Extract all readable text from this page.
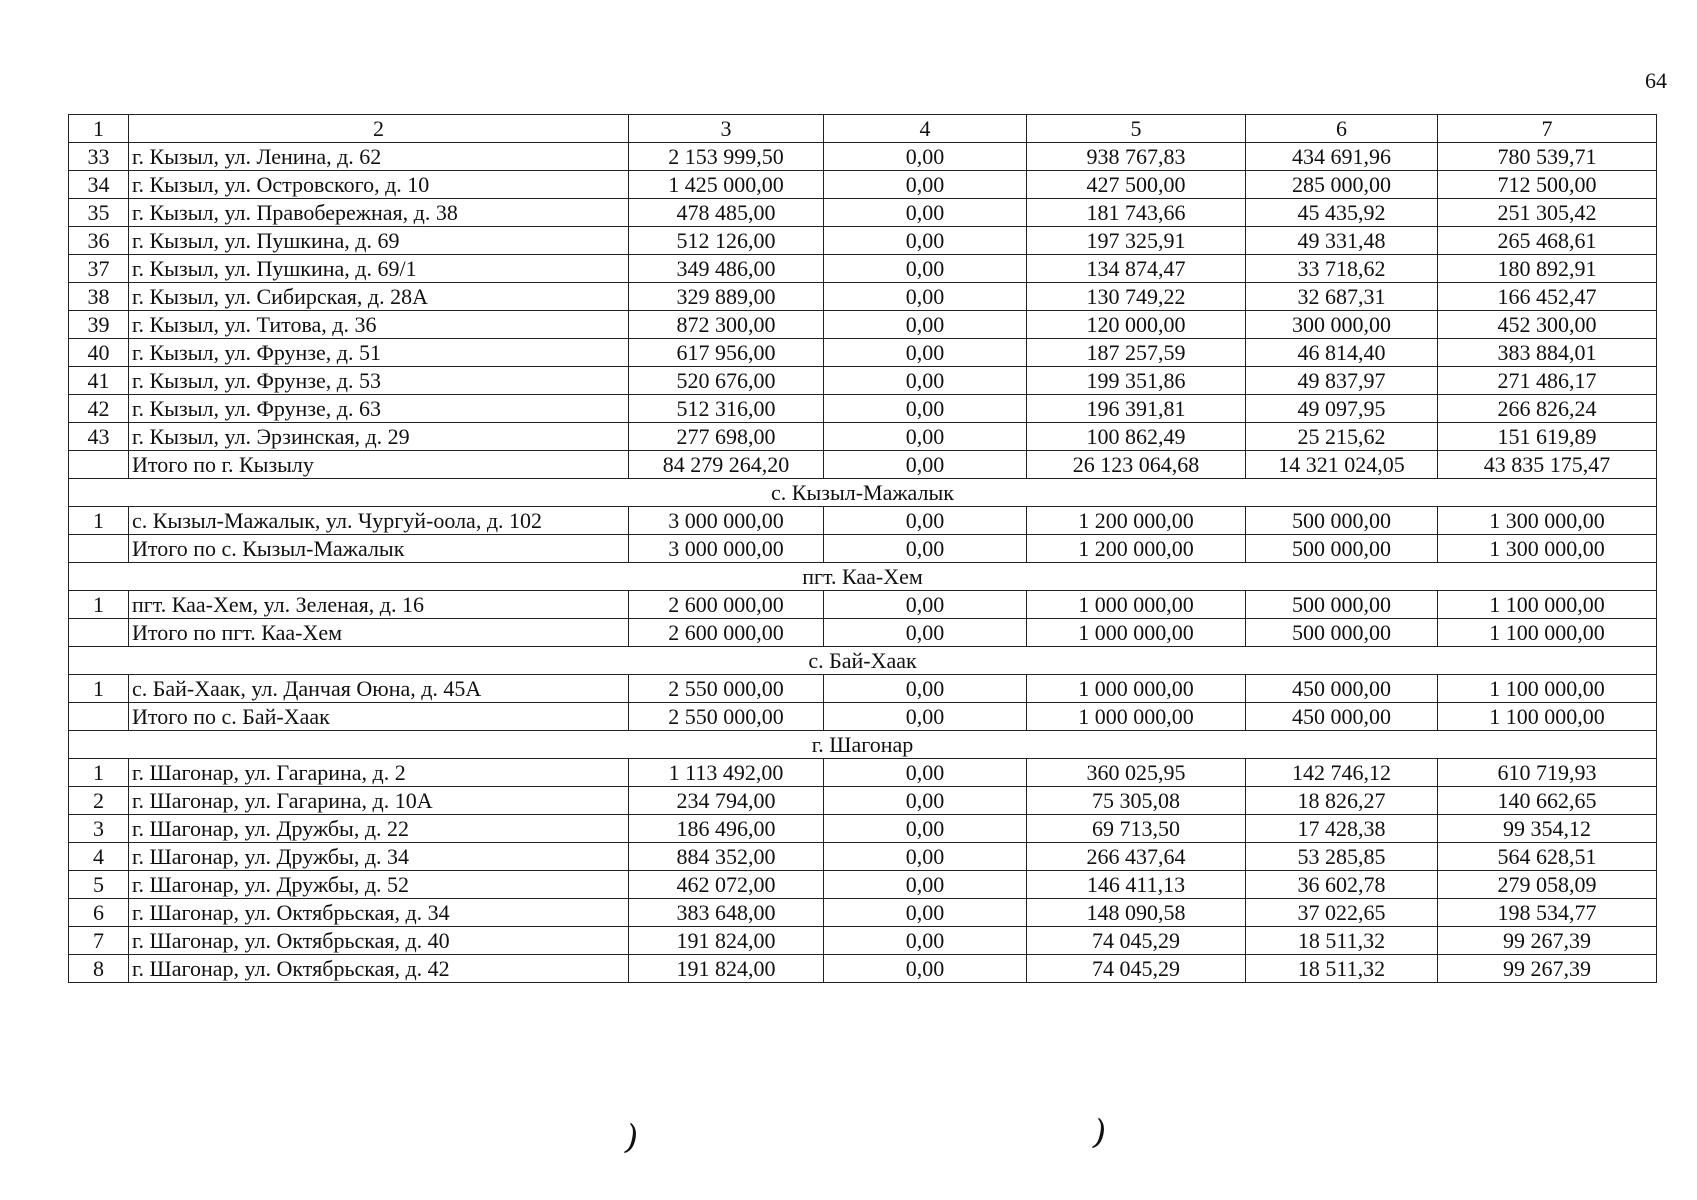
64
1	2	3	4	5	6	7
33	г. Кызыл, ул. Ленина, д. 62	2 153 999,50	0,00	938 767,83	434 691,96	780 539,71
34	г. Кызыл, ул. Островского, д. 10	1 425 000,00	0,00	427 500,00	285 000,00	712 500,00
35	г. Кызыл, ул. Правобережная, д. 38	478 485,00	0,00	181 743,66	45 435,92	251 305,42
36	г. Кызыл, ул. Пушкина, д. 69	512 126,00	0,00	197 325,91	49 331,48	265 468,61
37	г. Кызыл, ул. Пушкина, д. 69/1	349 486,00	0,00	134 874,47	33 718,62	180 892,91
38	г. Кызыл, ул. Сибирская, д. 28А	329 889,00	0,00	130 749,22	32 687,31	166 452,47
39	г. Кызыл, ул. Титова, д. 36	872 300,00	0,00	120 000,00	300 000,00	452 300,00
40	г. Кызыл, ул. Фрунзе, д. 51	617 956,00	0,00	187 257,59	46 814,40	383 884,01
41	г. Кызыл, ул. Фрунзе, д. 53	520 676,00	0,00	199 351,86	49 837,97	271 486,17
42	г. Кызыл, ул. Фрунзе, д. 63	512 316,00	0,00	196 391,81	49 097,95	266 826,24
43	г. Кызыл, ул. Эрзинская, д. 29	277 698,00	0,00	100 862,49	25 215,62	151 619,89
	Итого по г. Кызылу	84 279 264,20	0,00	26 123 064,68	14 321 024,05	43 835 175,47
с. Кызыл-Мажалык						
1	с. Кызыл-Мажалык, ул. Чургуй-оола, д. 102	3 000 000,00	0,00	1 200 000,00	500 000,00	1 300 000,00
	Итого по с. Кызыл-Мажалык	3 000 000,00	0,00	1 200 000,00	500 000,00	1 300 000,00
пгт. Каа-Хем						
1	пгт. Каа-Хем, ул. Зеленая, д. 16	2 600 000,00	0,00	1 000 000,00	500 000,00	1 100 000,00
	Итого по пгт. Каа-Хем	2 600 000,00	0,00	1 000 000,00	500 000,00	1 100 000,00
с. Бай-Хаак						
1	с. Бай-Хаак, ул. Данчая Оюна, д. 45А	2 550 000,00	0,00	1 000 000,00	450 000,00	1 100 000,00
	Итого по с. Бай-Хаак	2 550 000,00	0,00	1 000 000,00	450 000,00	1 100 000,00
г. Шагонар						
1	г. Шагонар, ул. Гагарина, д. 2	1 113 492,00	0,00	360 025,95	142 746,12	610 719,93
2	г. Шагонар, ул. Гагарина, д. 10А	234 794,00	0,00	75 305,08	18 826,27	140 662,65
3	г. Шагонар, ул. Дружбы, д. 22	186 496,00	0,00	69 713,50	17 428,38	99 354,12
4	г. Шагонар, ул. Дружбы, д. 34	884 352,00	0,00	266 437,64	53 285,85	564 628,51
5	г. Шагонар, ул. Дружбы, д. 52	462 072,00	0,00	146 411,13	36 602,78	279 058,09
6	г. Шагонар, ул. Октябрьская, д. 34	383 648,00	0,00	148 090,58	37 022,65	198 534,77
7	г. Шагонар, ул. Октябрьская, д. 40	191 824,00	0,00	74 045,29	18 511,32	99 267,39
8	г. Шагонар, ул. Октябрьская, д. 42	191 824,00	0,00	74 045,29	18 511,32	99 267,39
)	)
